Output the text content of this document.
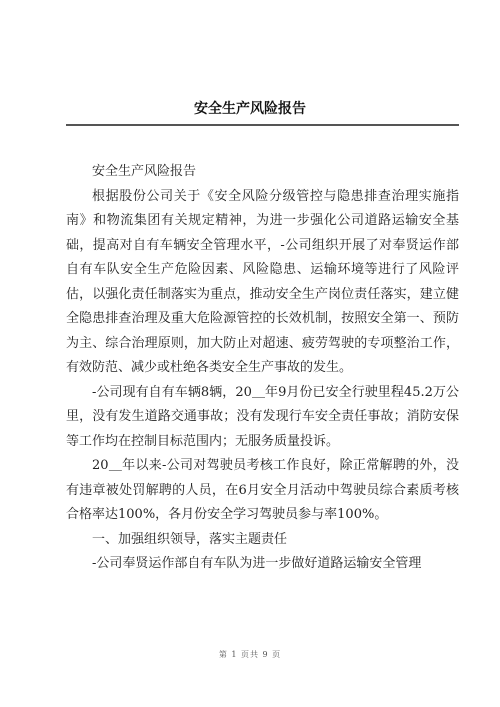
安全生产风险报告

安全生产风险报告

根据股份公司关于《安全风险分级管控与隐患排查治理实施指南》和物流集团有关规定精神，为进一步强化公司道路运输安全基础，提高对自有车辆安全管理水平，-公司组织开展了对奉贤运作部自有车队安全生产危险因素、风险隐患、运输环境等进行了风险评估，以强化责任制落实为重点，推动安全生产岗位责任落实，建立健全隐患排查治理及重大危险源管控的长效机制，按照安全第一、预防为主、综合治理原则，加大防止对超速、疲劳驾驶的专项整治工作，有效防范、减少或杜绝各类安全生产事故的发生。

-公司现有自有车辆8辆，20＿年9月份已安全行驶里程45.2万公里，没有发生道路交通事故；没有发现行车安全责任事故；消防安保等工作均在控制目标范围内；无服务质量投诉。

20＿年以来-公司对驾驶员考核工作良好，除正常解聘的外，没有违章被处罚解聘的人员，在6月安全月活动中驾驶员综合素质考核合格率达100%，各月份安全学习驾驶员参与率100%。

一、加强组织领导，落实主题责任

-公司奉贤运作部自有车队为进一步做好道路运输安全管理

第 1 页共 9 页
